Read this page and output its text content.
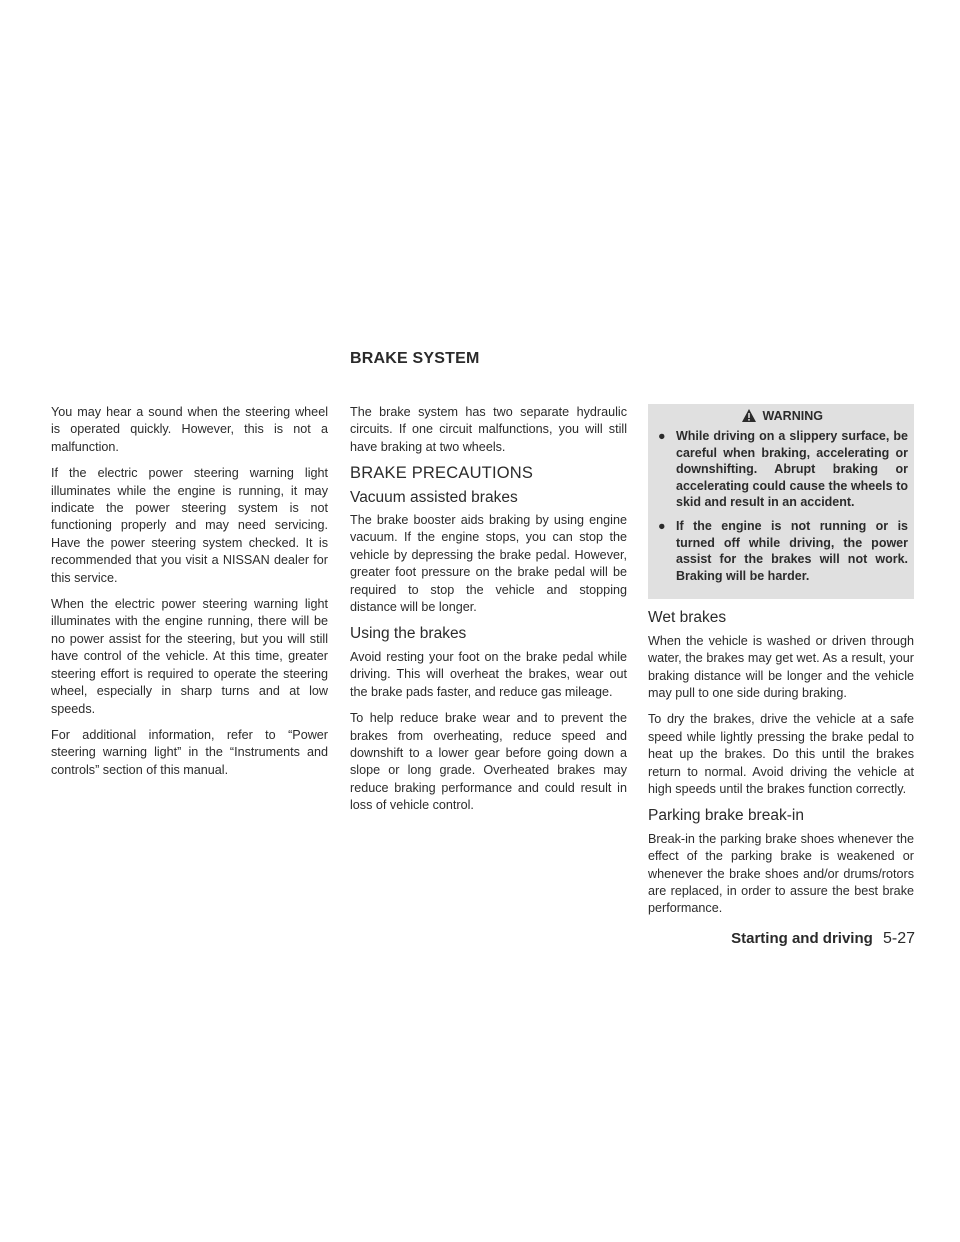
BRAKE SYSTEM

You may hear a sound when the steering wheel is operated quickly. However, this is not a malfunction.

If the electric power steering warning light illuminates while the engine is running, it may indicate the power steering system is not functioning properly and may need servicing. Have the power steering system checked. It is recommended that you visit a NISSAN dealer for this service.

When the electric power steering warning light illuminates with the engine running, there will be no power assist for the steering, but you will still have control of the vehicle. At this time, greater steering effort is required to operate the steering wheel, especially in sharp turns and at low speeds.

For additional information, refer to “Power steering warning light” in the “Instruments and controls” section of this manual.

The brake system has two separate hydraulic circuits. If one circuit malfunctions, you will still have braking at two wheels.

BRAKE PRECAUTIONS
Vacuum assisted brakes

The brake booster aids braking by using engine vacuum. If the engine stops, you can stop the vehicle by depressing the brake pedal. However, greater foot pressure on the brake pedal will be required to stop the vehicle and stopping distance will be longer.

Using the brakes

Avoid resting your foot on the brake pedal while driving. This will overheat the brakes, wear out the brake pads faster, and reduce gas mileage.

To help reduce brake wear and to prevent the brakes from overheating, reduce speed and downshift to a lower gear before going down a slope or long grade. Overheated brakes may reduce braking performance and could result in loss of vehicle control.

WARNING
● While driving on a slippery surface, be careful when braking, accelerating or downshifting. Abrupt braking or accelerating could cause the wheels to skid and result in an accident.
● If the engine is not running or is turned off while driving, the power assist for the brakes will not work. Braking will be harder.
Wet brakes

When the vehicle is washed or driven through water, the brakes may get wet. As a result, your braking distance will be longer and the vehicle may pull to one side during braking.

To dry the brakes, drive the vehicle at a safe speed while lightly pressing the brake pedal to heat up the brakes. Do this until the brakes return to normal. Avoid driving the vehicle at high speeds until the brakes function correctly.

Parking brake break-in

Break-in the parking brake shoes whenever the effect of the parking brake is weakened or whenever the brake shoes and/or drums/rotors are replaced, in order to assure the best brake performance.

Starting and driving 5-27
